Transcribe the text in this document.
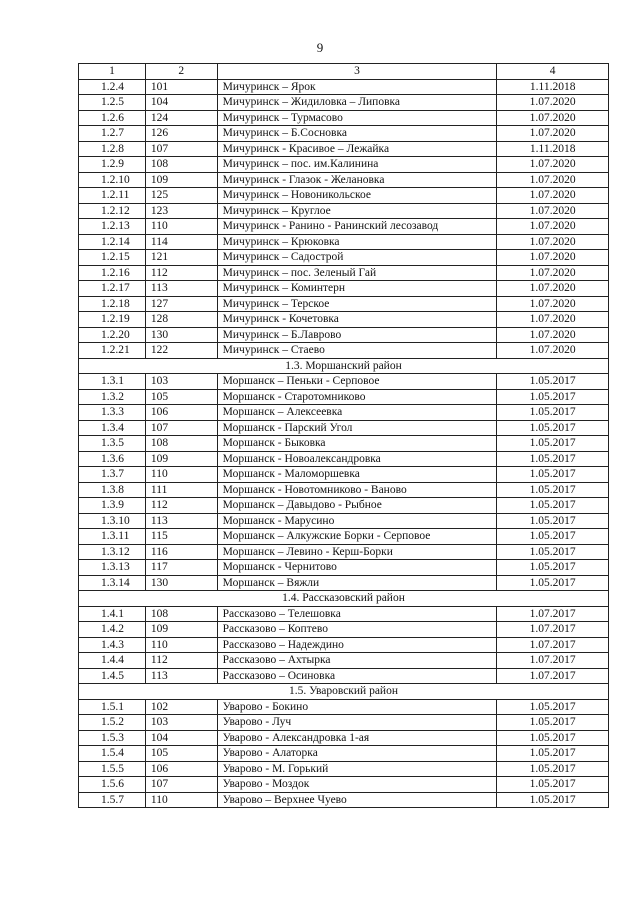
9
1	2	3	4
1.2.4	101	Мичуринск – Ярок	1.11.2018
1.2.5	104	Мичуринск – Жидиловка – Липовка	1.07.2020
1.2.6	124	Мичуринск – Турмасово	1.07.2020
1.2.7	126	Мичуринск – Б.Сосновка	1.07.2020
1.2.8	107	Мичуринск - Красивое – Лежайка	1.11.2018
1.2.9	108	Мичуринск – пос. им.Калинина	1.07.2020
1.2.10	109	Мичуринск - Глазок - Желановка	1.07.2020
1.2.11	125	Мичуринск – Новоникольское	1.07.2020
1.2.12	123	Мичуринск – Круглое	1.07.2020
1.2.13	110	Мичуринск - Ранино - Ранинский лесозавод	1.07.2020
1.2.14	114	Мичуринск – Крюковка	1.07.2020
1.2.15	121	Мичуринск – Садострой	1.07.2020
1.2.16	112	Мичуринск – пос. Зеленый Гай	1.07.2020
1.2.17	113	Мичуринск – Коминтерн	1.07.2020
1.2.18	127	Мичуринск – Терское	1.07.2020
1.2.19	128	Мичуринск - Кочетовка	1.07.2020
1.2.20	130	Мичуринск – Б.Лаврово	1.07.2020
1.2.21	122	Мичуринск – Стаево	1.07.2020
1.3. Моршанский район			
1.3.1	103	Моршанск – Пеньки - Серповое	1.05.2017
1.3.2	105	Моршанск - Старотомниково	1.05.2017
1.3.3	106	Моршанск – Алексеевка	1.05.2017
1.3.4	107	Моршанск - Парский Угол	1.05.2017
1.3.5	108	Моршанск - Быковка	1.05.2017
1.3.6	109	Моршанск - Новоалександровка	1.05.2017
1.3.7	110	Моршанск - Маломоршевка	1.05.2017
1.3.8	111	Моршанск - Новотомниково - Ваново	1.05.2017
1.3.9	112	Моршанск – Давыдово - Рыбное	1.05.2017
1.3.10	113	Моршанск - Марусино	1.05.2017
1.3.11	115	Моршанск – Алкужские Борки - Серповое	1.05.2017
1.3.12	116	Моршанск – Левино - Керш-Борки	1.05.2017
1.3.13	117	Моршанск - Чернитово	1.05.2017
1.3.14	130	Моршанск – Вяжли	1.05.2017
1.4. Рассказовский район			
1.4.1	108	Рассказово – Телешовка	1.07.2017
1.4.2	109	Рассказово – Коптево	1.07.2017
1.4.3	110	Рассказово – Надеждино	1.07.2017
1.4.4	112	Рассказово – Ахтырка	1.07.2017
1.4.5	113	Рассказово – Осиновка	1.07.2017
1.5. Уваровский район			
1.5.1	102	Уварово - Бокино	1.05.2017
1.5.2	103	Уварово - Луч	1.05.2017
1.5.3	104	Уварово - Александровка 1-ая	1.05.2017
1.5.4	105	Уварово - Алаторка	1.05.2017
1.5.5	106	Уварово - М. Горький	1.05.2017
1.5.6	107	Уварово - Моздок	1.05.2017
1.5.7	110	Уварово – Верхнее Чуево	1.05.2017
